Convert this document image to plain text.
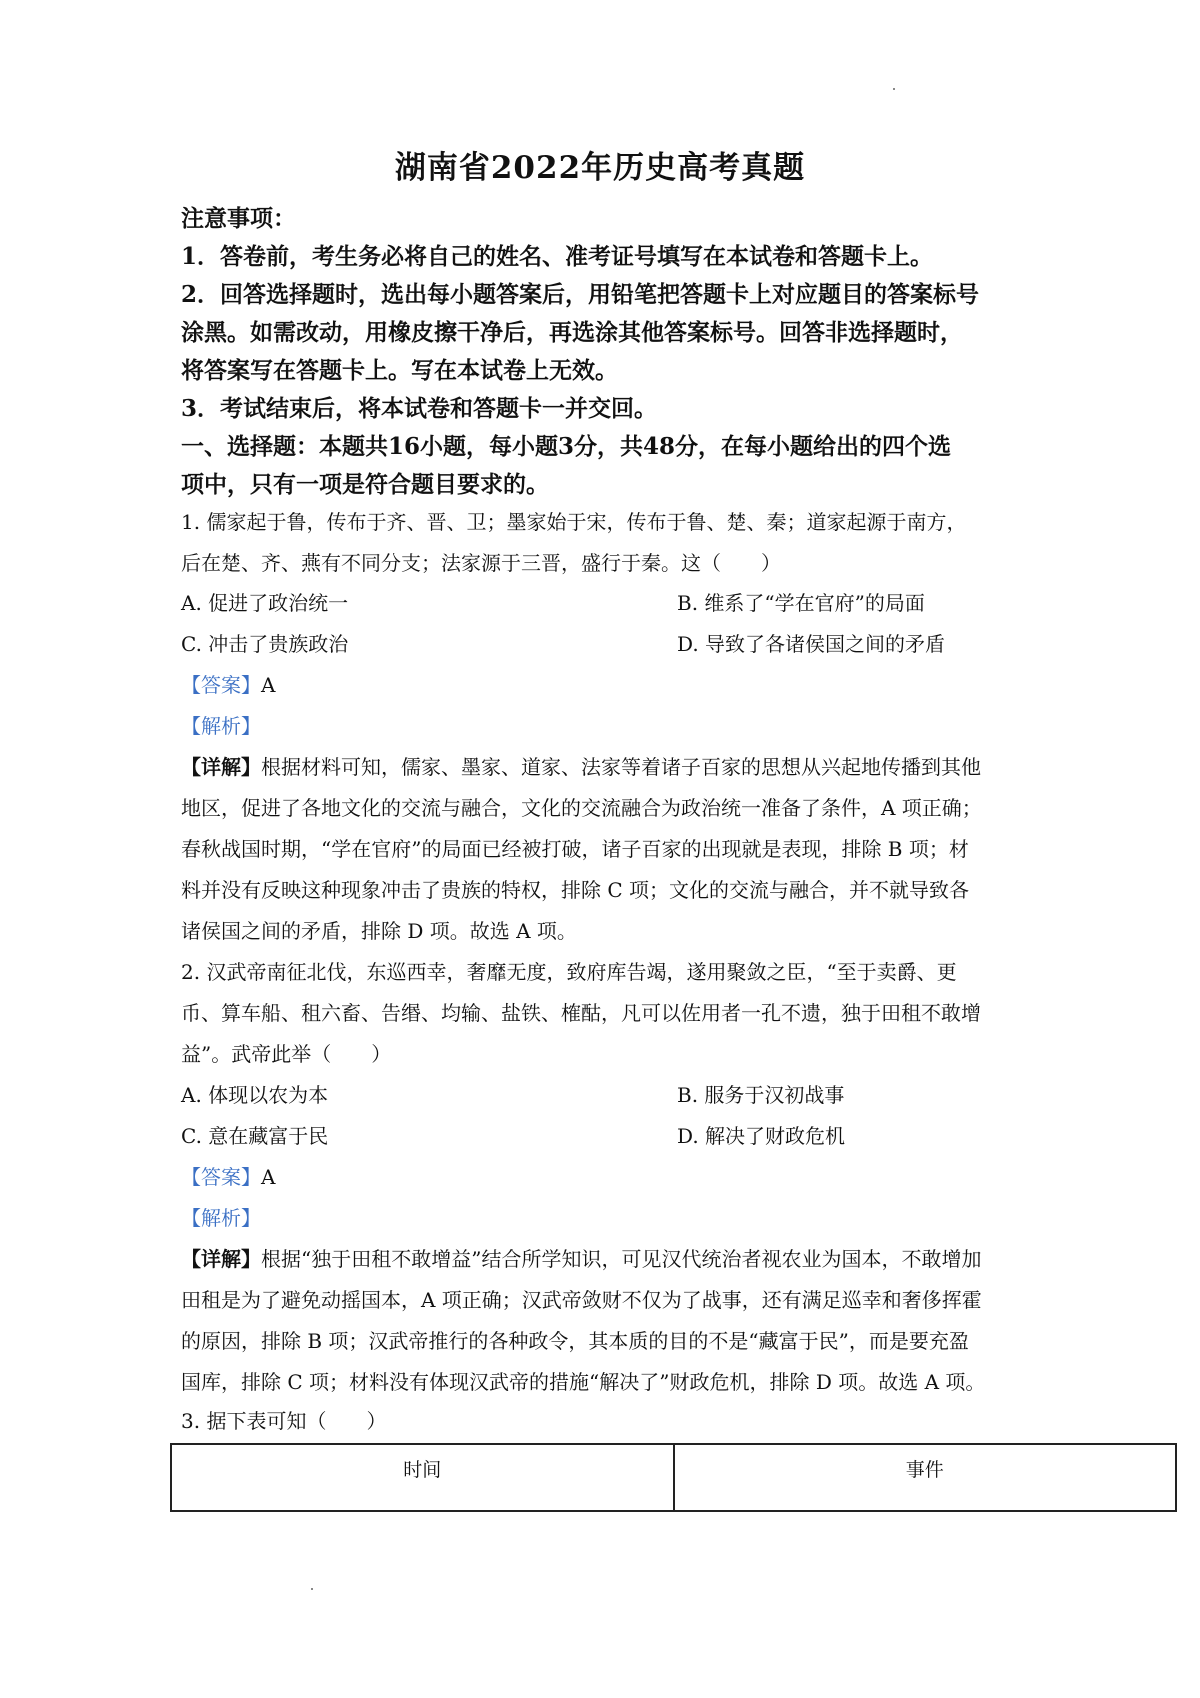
湖南省2022年历史高考真题
注意事项：
1．答卷前，考生务必将自己的姓名、准考证号填写在本试卷和答题卡上。
2．回答选择题时，选出每小题答案后，用铅笔把答题卡上对应题目的答案标号
涂黑。如需改动，用橡皮擦干净后，再选涂其他答案标号。回答非选择题时，
将答案写在答题卡上。写在本试卷上无效。
3．考试结束后，将本试卷和答题卡一并交回。
一、选择题：本题共16小题，每小题3分，共48分，在每小题给出的四个选
项中，只有一项是符合题目要求的。
1. 儒家起于鲁，传布于齐、晋、卫；墨家始于宋，传布于鲁、楚、秦；道家起源于南方，
后在楚、齐、燕有不同分支；法家源于三晋，盛行于秦。这（　　）
A. 促进了政治统一	B. 维系了“学在官府”的局面
C. 冲击了贵族政治	D. 导致了各诸侯国之间的矛盾
【答案】A
【解析】
【详解】根据材料可知，儒家、墨家、道家、法家等着诸子百家的思想从兴起地传播到其他
地区，促进了各地文化的交流与融合，文化的交流融合为政治统一准备了条件，A 项正确；
春秋战国时期，“学在官府”的局面已经被打破，诸子百家的出现就是表现，排除 B 项；材
料并没有反映这种现象冲击了贵族的特权，排除 C 项；文化的交流与融合，并不就导致各
诸侯国之间的矛盾，排除 D 项。故选 A 项。
2. 汉武帝南征北伐，东巡西幸，奢靡无度，致府库告竭，遂用聚敛之臣，“至于卖爵、更
币、算车船、租六畜、告缗、均输、盐铁、榷酤，凡可以佐用者一孔不遗，独于田租不敢增
益”。武帝此举（　　）
A. 体现以农为本	B. 服务于汉初战事
C. 意在藏富于民	D. 解决了财政危机
【答案】A
【解析】
【详解】根据“独于田租不敢增益”结合所学知识，可见汉代统治者视农业为国本，不敢增加
田租是为了避免动摇国本，A 项正确；汉武帝敛财不仅为了战事，还有满足巡幸和奢侈挥霍
的原因，排除 B 项；汉武帝推行的各种政令，其本质的目的不是“藏富于民”，而是要充盈
国库，排除 C 项；材料没有体现汉武帝的措施“解决了”财政危机，排除 D 项。故选 A 项。
3. 据下表可知（　　）
时间	事件
